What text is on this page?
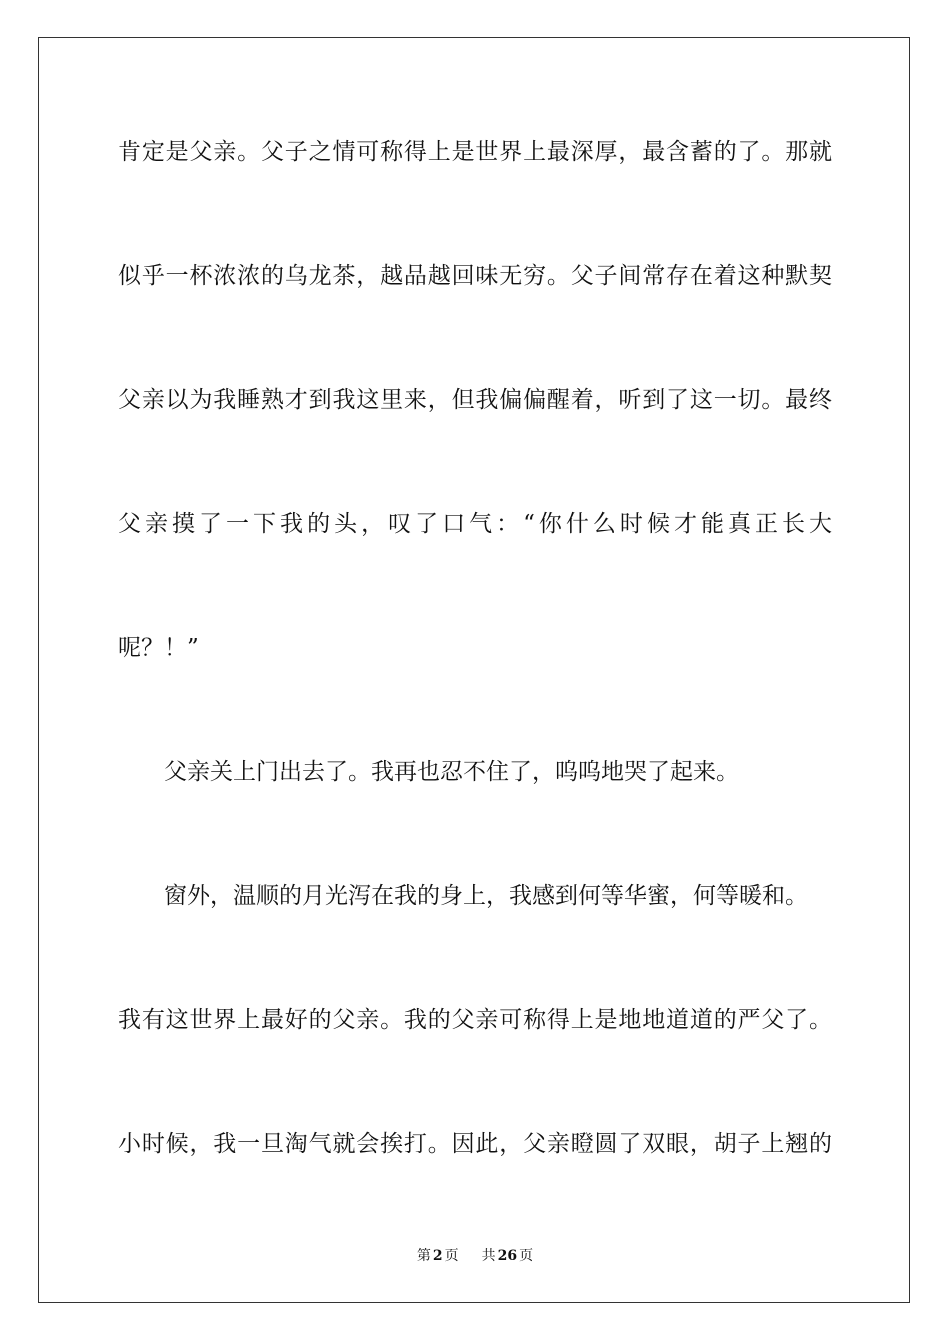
肯定是父亲。父子之情可称得上是世界上最深厚，最含蓄的了。那就
似乎一杯浓浓的乌龙茶，越品越回味无穷。父子间常存在着这种默契
父亲以为我睡熟才到我这里来，但我偏偏醒着，听到了这一切。最终
父亲摸了一下我的头，叹了口气：“你什么时候才能真正长大
呢？！”
父亲关上门出去了。我再也忍不住了，呜呜地哭了起来。
窗外，温顺的月光泻在我的身上，我感到何等华蜜，何等暖和。
我有这世界上最好的父亲。我的父亲可称得上是地地道道的严父了。
小时候，我一旦淘气就会挨打。因此，父亲瞪圆了双眼，胡子上翘的
第 2 页 共 26 页
